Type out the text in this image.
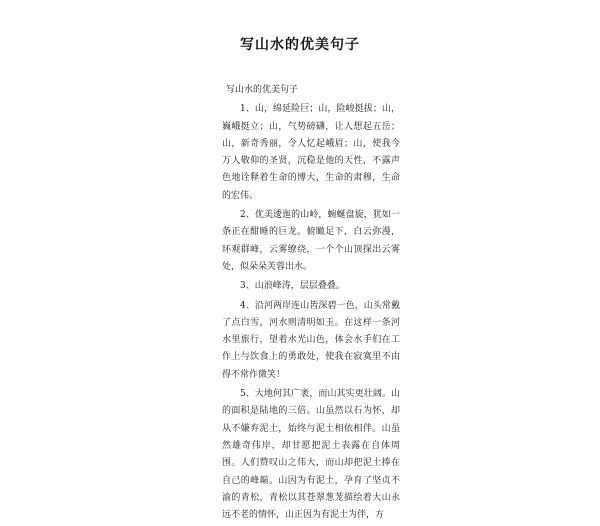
写山水的优美句子
写山水的优美句子

1、山，绵延险巨；山，险峻挺拔；山，巍峨挺立；山，气势磅礴，让人想起五岳；山，新奇秀丽，令人忆起峨眉；山，使我今万人敬仰的圣贤，沉稳是他的天性，不露声色地诠释着生命的博大，生命的肃穆，生命的宏伟。

2、优美逶迤的山岭，蜿蜒盘旋，犹如一条正在酣睡的巨龙。俯瞰足下，白云弥漫，环观群峰，云雾缭绕，一个个山顶探出云雾处，似朵朵芙蓉出水。

3、山浪峰涛，层层叠叠。

4、沿河两岸连山皆深碧一色，山头常戴了点白雪，河水则清明如玉。在这样一条河水里旅行，望着水光山色，体会水手们在工作上与饮食上的勇敢处，使我在寂寞里不由得不常作微笑！

5、大地何其广袤，而山其实更壮阔。山的面积是陆地的三倍。山虽然以石为怀，却从不嫌弃泥土，始终与泥土相依相伴。山虽然雄奇伟岸，却甘愿把泥土表露在自体周围。人们赞叹山之伟大，而山却把泥土捧在自己的峰巅。山因为有泥土，孕育了坚贞不渝的青松，青松以其苍翠葱茏描绘着大山永远不老的情怀，山正因为有泥土为伴，方
